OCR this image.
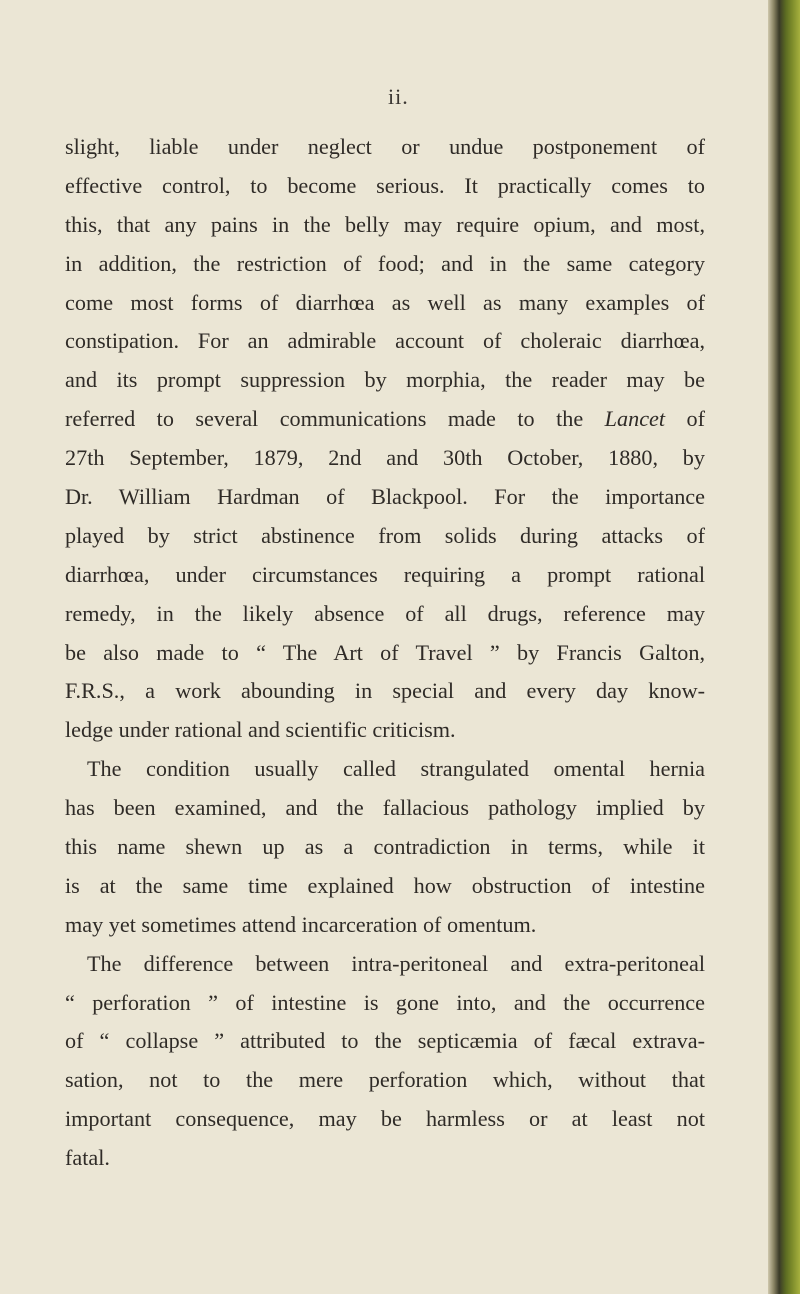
ii.
slight, liable under neglect or undue postponement of
effective control, to become serious. It practically comes to
this, that any pains in the belly may require opium, and most,
in addition, the restriction of food; and in the same category
come most forms of diarrhœa as well as many examples of
constipation. For an admirable account of choleraic diarrhœa,
and its prompt suppression by morphia, the reader may be
referred to several communications made to the Lancet of
27th September, 1879, 2nd and 30th October, 1880, by
Dr. William Hardman of Blackpool. For the importance
played by strict abstinence from solids during attacks of
diarrhœa, under circumstances requiring a prompt rational
remedy, in the likely absence of all drugs, reference may
be also made to “ The Art of Travel ” by Francis Galton,
F.R.S., a work abounding in special and every day know-
ledge under rational and scientific criticism.
The condition usually called strangulated omental hernia
has been examined, and the fallacious pathology implied by
this name shewn up as a contradiction in terms, while it
is at the same time explained how obstruction of intestine
may yet sometimes attend incarceration of omentum.
The difference between intra-peritoneal and extra-peritoneal
“ perforation ” of intestine is gone into, and the occurrence
of “ collapse ” attributed to the septicæmia of fæcal extrava-
sation, not to the mere perforation which, without that
important consequence, may be harmless or at least not
fatal.
